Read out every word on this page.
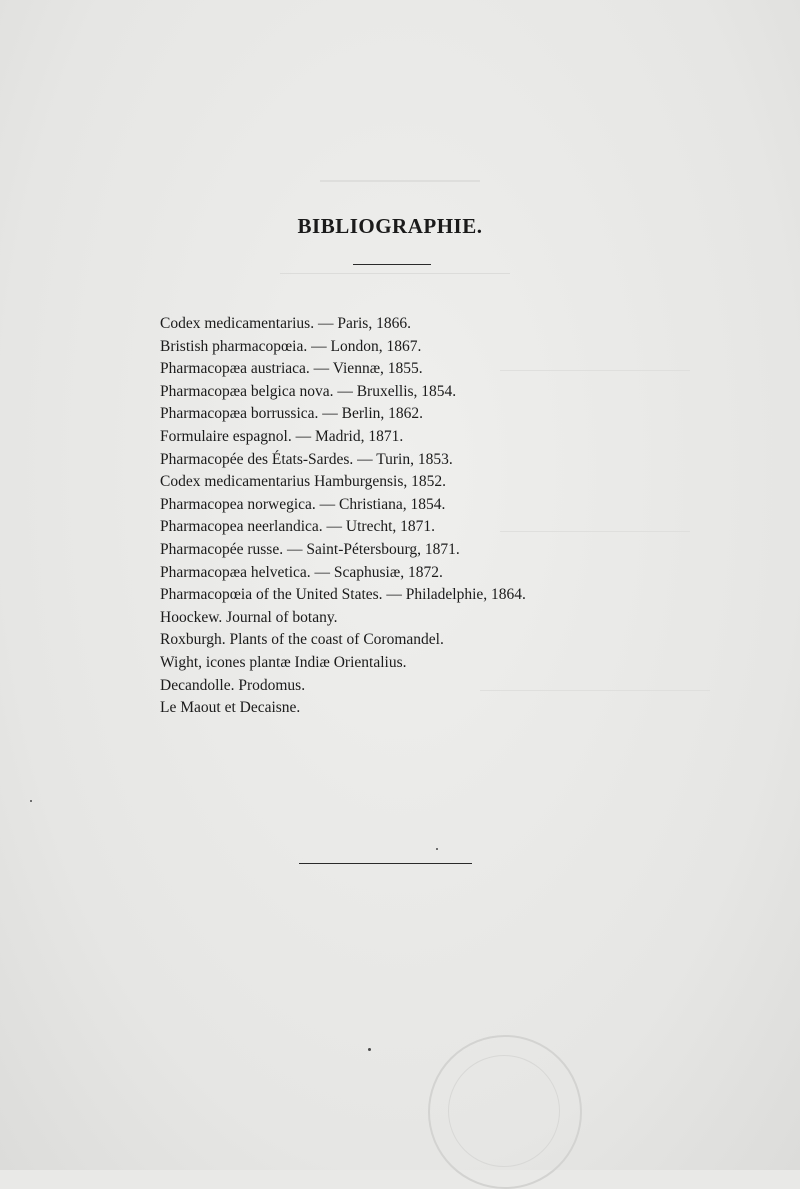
BIBLIOGRAPHIE.
Codex medicamentarius. — Paris, 1866.
Bristish pharmacopœia. — London, 1867.
Pharmacopæa austriaca. — Viennæ, 1855.
Pharmacopæa belgica nova. — Bruxellis, 1854.
Pharmacopæa borrussica. — Berlin, 1862.
Formulaire espagnol. — Madrid, 1871.
Pharmacopée des États-Sardes. — Turin, 1853.
Codex medicamentarius Hamburgensis, 1852.
Pharmacopea norwegica. — Christiana, 1854.
Pharmacopea neerlandica. — Utrecht, 1871.
Pharmacopée russe. — Saint-Pétersbourg, 1871.
Pharmacopæa helvetica. — Scaphusiæ, 1872.
Pharmacopœia of the United States. — Philadelphie, 1864.
Hoockew. Journal of botany.
Roxburgh. Plants of the coast of Coromandel.
Wight, icones plantæ Indiæ Orientalius.
Decandolle. Prodomus.
Le Maout et Decaisne.
